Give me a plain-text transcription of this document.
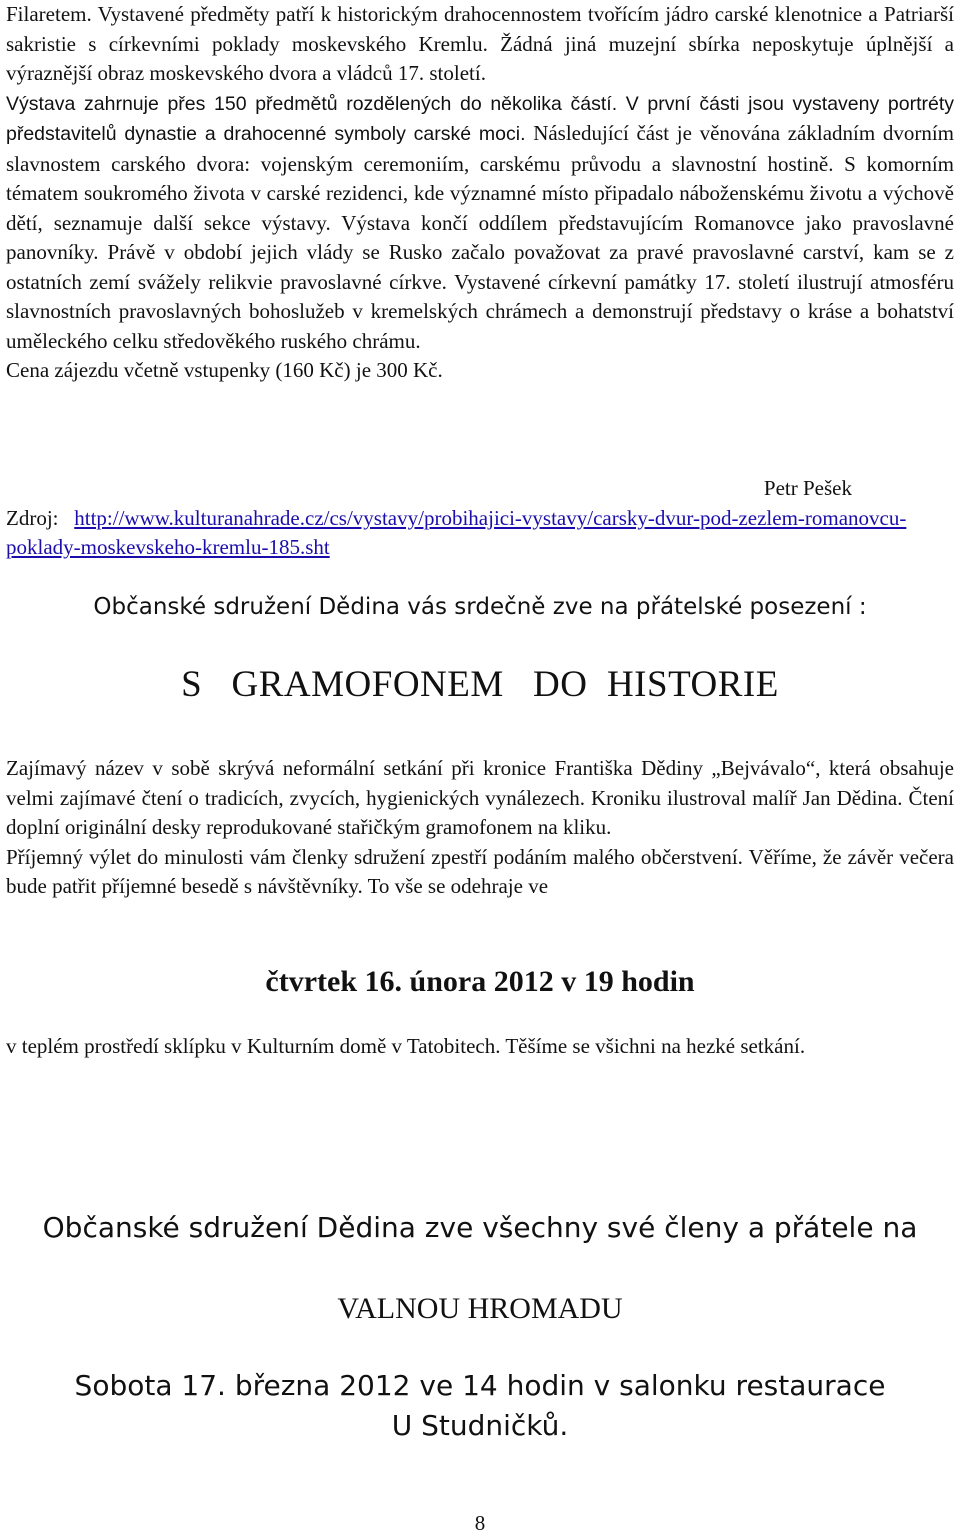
Filaretem. Vystavené předměty patří k historickým drahocennostem tvořícím jádro carské klenotnice a Patriarší sakristie s církevními poklady moskevského Kremlu. Žádná jiná muzejní sbírka neposkytuje úplnější a výraznější obraz moskevského dvora a vládců 17. století.

Výstava zahrnuje přes 150 předmětů rozdělených do několika částí. V první části jsou vystaveny portréty představitelů dynastie a drahocenné symboly carské moci. Následující část je věnována základním dvorním slavnostem carského dvora: vojenským ceremoniím, carskému průvodu a slavnostní hostině. S komorním tématem soukromého života v carské rezidenci, kde významné místo připadalo náboženskému životu a výchově dětí, seznamuje další sekce výstavy. Výstava končí oddílem představujícím Romanovce jako pravoslavné panovníky. Právě v období jejich vlády se Rusko začalo považovat za pravé pravoslavné carství, kam se z ostatních zemí svážely relikvie pravoslavné církve. Vystavené církevní památky 17. století ilustrují atmosféru slavnostních pravoslavných bohoslužeb v kremelských chrámech a demonstrují představy o kráse a bohatství uměleckého celku středověkého ruského chrámu.

Cena zájezdu včetně vstupenky (160 Kč) je 300 Kč.

Petr Pešek
Zdroj: http://www.kulturanahrade.cz/cs/vystavy/probihajici-vystavy/carsky-dvur-pod-zezlem-romanovcu-poklady-moskevskeho-kremlu-185.sht
Občanské sdružení Dědina vás srdečně zve na přátelské posezení :
S   GRAMOFONEM   DO  HISTORIE

Zajímavý název v sobě skrývá neformální setkání při kronice Františka Dědiny „Bejvávalo“, která obsahuje velmi zajímavé čtení o tradicích, zvycích, hygienických vynálezech. Kroniku ilustroval malíř Jan Dědina. Čtení doplní originální desky reprodukované stařičkým gramofonem na kliku.

Příjemný výlet do minulosti vám členky sdružení zpestří podáním malého občerstvení. Věříme, že závěr večera bude patřit příjemné besedě s návštěvníky. To vše se odehraje ve

čtvrtek 16. února 2012 v 19 hodin

v teplém prostředí sklípku v Kulturním domě v Tatobitech. Těšíme se všichni na hezké setkání.

Občanské sdružení Dědina zve všechny své členy a přátele na
VALNOU HROMADU
Sobota 17. března 2012 ve 14 hodin v salonku restaurace U Studničků.
8
